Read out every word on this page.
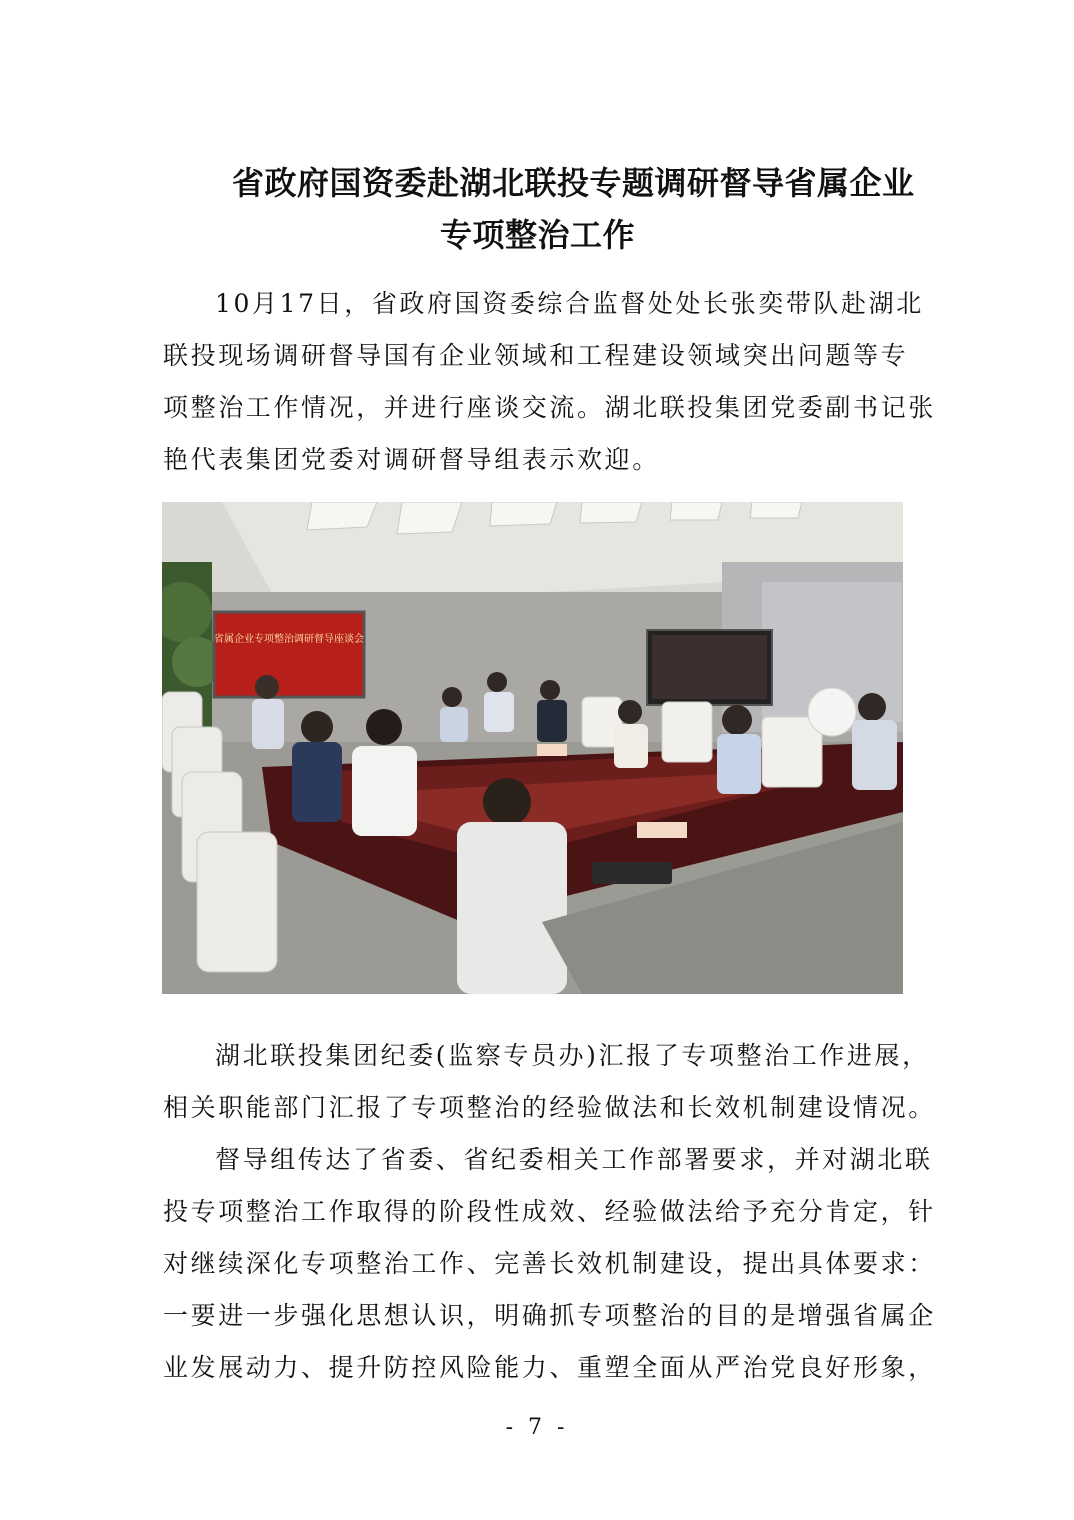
省政府国资委赴湖北联投专题调研督导省属企业
专项整治工作

10月17日，省政府国资委综合监督处处长张奕带队赴湖北
联投现场调研督导国有企业领域和工程建设领域突出问题等专
项整治工作情况，并进行座谈交流。湖北联投集团党委副书记张
艳代表集团党委对调研督导组表示欢迎。

省属企业专项整治调研督导座谈会

湖北联投集团纪委(监察专员办)汇报了专项整治工作进展，
相关职能部门汇报了专项整治的经验做法和长效机制建设情况。

督导组传达了省委、省纪委相关工作部署要求，并对湖北联
投专项整治工作取得的阶段性成效、经验做法给予充分肯定，针
对继续深化专项整治工作、完善长效机制建设，提出具体要求：
一要进一步强化思想认识，明确抓专项整治的目的是增强省属企
业发展动力、提升防控风险能力、重塑全面从严治党良好形象，

- 7 -
